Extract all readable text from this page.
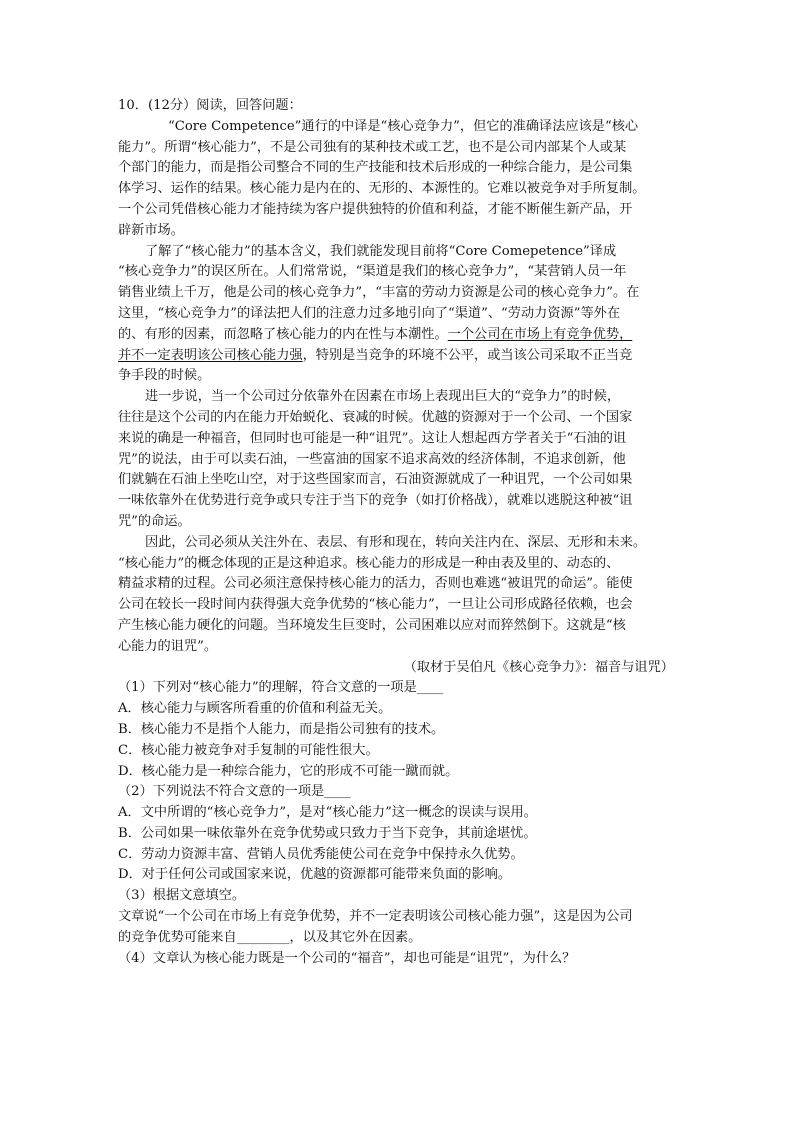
10．(12分）阅读，回答问题：
“Core Competence”通行的中译是“核心竞争力”，但它的准确译法应该是“核心
能力”。所谓“核心能力”，不是公司独有的某种技术或工艺，也不是公司内部某个人或某
个部门的能力，而是指公司整合不同的生产技能和技术后形成的一种综合能力，是公司集
体学习、运作的结果。核心能力是内在的、无形的、本源性的。它难以被竞争对手所复制。
一个公司凭借核心能力才能持续为客户提供独特的价值和利益，才能不断催生新产品，开
辟新市场。
了解了“核心能力”的基本含义，我们就能发现目前将“Core Comepetence”译成
“核心竞争力”的误区所在。人们常常说，“渠道是我们的核心竞争力”，“某营销人员一年
销售业绩上千万，他是公司的核心竞争力”，“丰富的劳动力资源是公司的核心竞争力”。在
这里，“核心竞争力”的译法把人们的注意力过多地引向了“渠道”、“劳动力资源”等外在
的、有形的因素，而忽略了核心能力的内在性与本潮性。一个公司在市场上有竞争优势，
并不一定表明该公司核心能力强，特别是当竞争的环境不公平，或当该公司采取不正当竞
争手段的时候。
进一步说，当一个公司过分依靠外在因素在市场上表现出巨大的“竞争力”的时候，
往往是这个公司的内在能力开始蜕化、衰减的时候。优越的资源对于一个公司、一个国家
来说的确是一种福音，但同时也可能是一种“诅咒”。这让人想起西方学者关于“石油的诅
咒”的说法，由于可以卖石油，一些富油的国家不追求高效的经济体制，不追求创新，他
们就躺在石油上坐吃山空，对于这些国家而言，石油资源就成了一种诅咒，一个公司如果
一味依靠外在优势进行竞争或只专注于当下的竞争（如打价格战），就难以逃脱这种被“诅
咒”的命运。
因此，公司必须从关注外在、表层、有形和现在，转向关注内在、深层、无形和未来。
“核心能力”的概念体现的正是这种追求。核心能力的形成是一种由表及里的、动态的、
精益求精的过程。公司必须注意保持核心能力的活力，否则也难逃“被诅咒的命运”。能使
公司在较长一段时间内获得强大竞争优势的“核心能力”，一旦让公司形成路径依赖，也会
产生核心能力硬化的问题。当环境发生巨变时，公司困难以应对而猝然倒下。这就是“核
心能力的诅咒”。
（取材于吴伯凡《核心竞争力》：福音与诅咒）
（1）下列对“核心能力”的理解，符合文意的一项是____
A．核心能力与顾客所看重的价值和利益无关。
B．核心能力不是指个人能力，而是指公司独有的技术。
C．核心能力被竞争对手复制的可能性很大。
D．核心能力是一种综合能力，它的形成不可能一蹴而就。
（2）下列说法不符合文意的一项是____
A．文中所谓的“核心竞争力”，是对“核心能力”这一概念的误读与误用。
B．公司如果一味依靠外在竞争优势或只致力于当下竞争，其前途堪忧。
C．劳动力资源丰富、营销人员优秀能使公司在竞争中保持永久优势。
D．对于任何公司或国家来说，优越的资源都可能带来负面的影响。
（3）根据文意填空。
文章说“一个公司在市场上有竞争优势，并不一定表明该公司核心能力强”，这是因为公司
的竞争优势可能来自________，以及其它外在因素。
（4）文章认为核心能力既是一个公司的“福音”，却也可能是“诅咒”，为什么？
